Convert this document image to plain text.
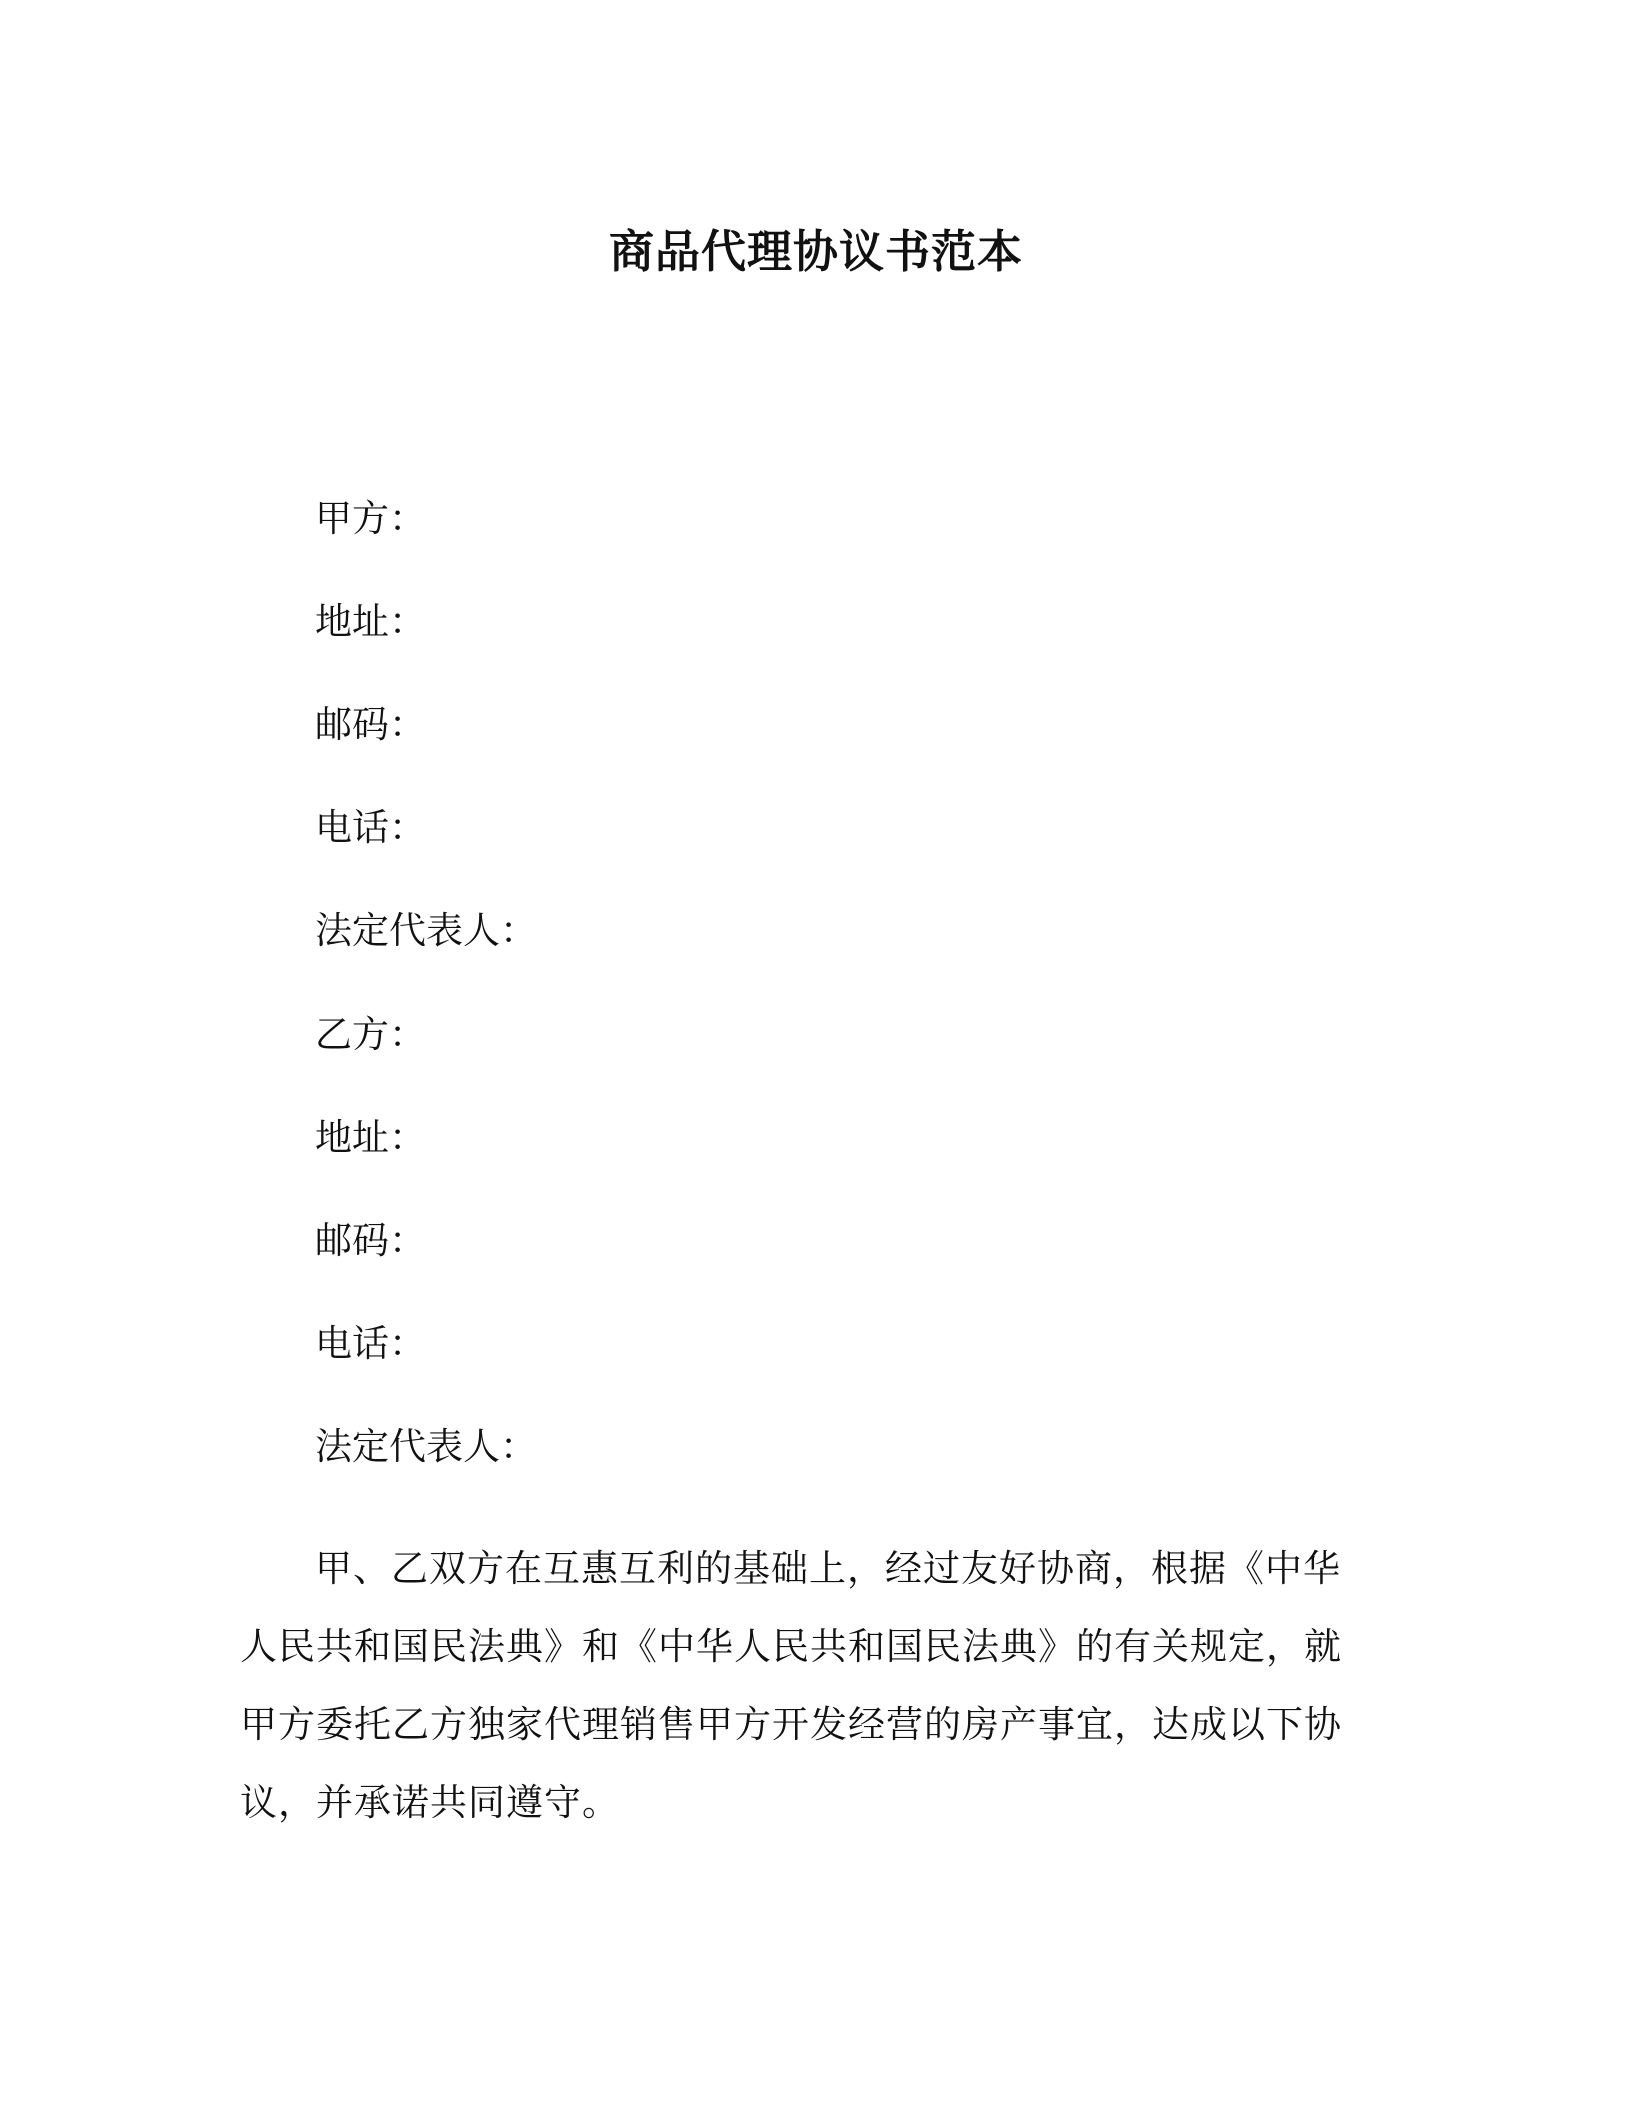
商品代理协议书范本
甲方：
地址：
邮码：
电话：
法定代表人：
乙方：
地址：
邮码：
电话：
法定代表人：
甲、乙双方在互惠互利的基础上，经过友好协商，根据《中华人民共和国民法典》和《中华人民共和国民法典》的有关规定，就甲方委托乙方独家代理销售甲方开发经营的房产事宜，达成以下协议，并承诺共同遵守。
